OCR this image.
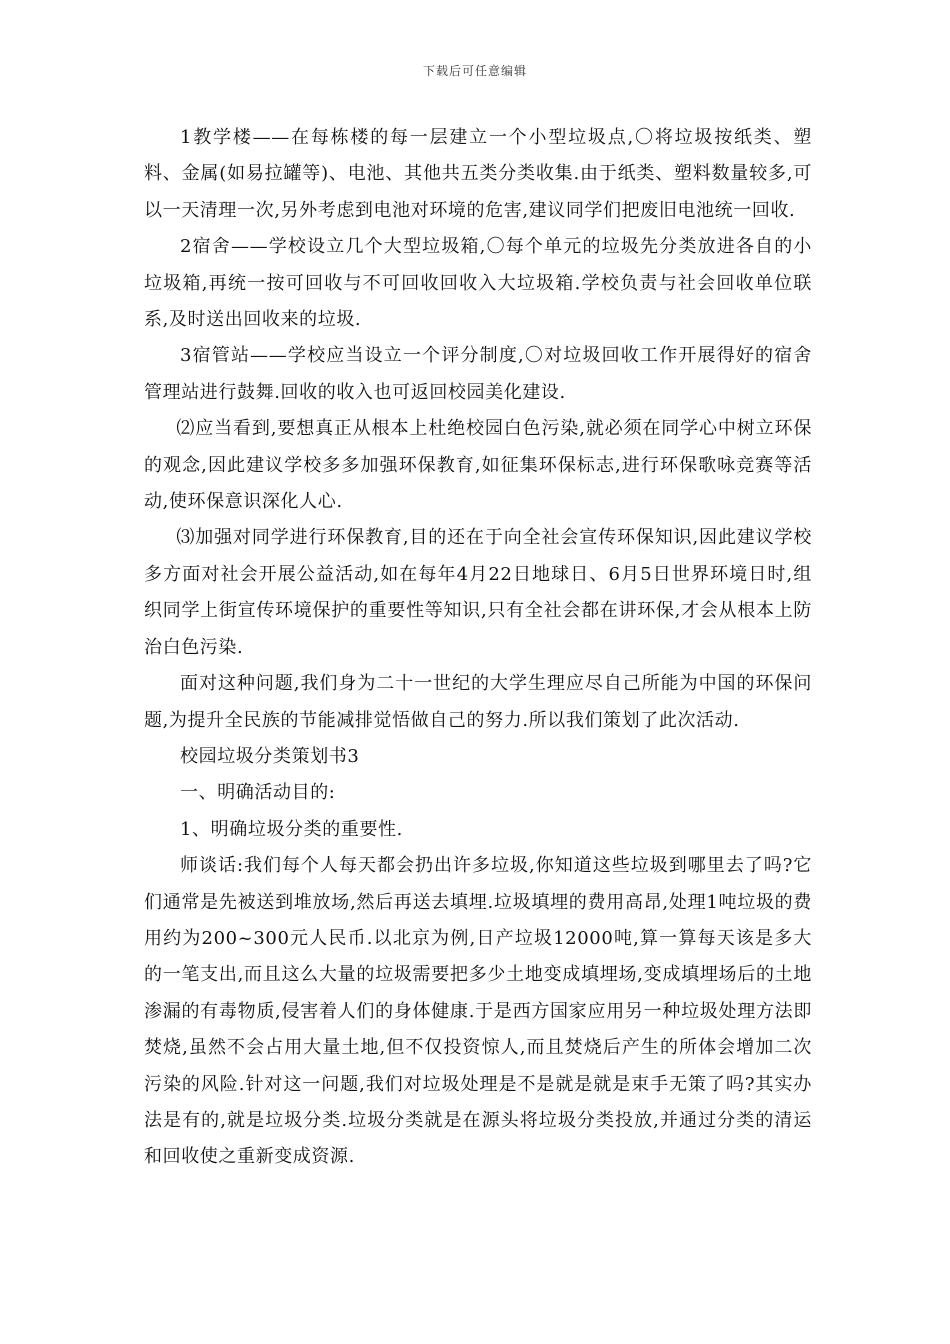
下载后可任意编辑

1教学楼——在每栋楼的每一层建立一个小型垃圾点,〇将垃圾按纸类、塑料、金属(如易拉罐等)、电池、其他共五类分类收集.由于纸类、塑料数量较多,可以一天清理一次,另外考虑到电池对环境的危害,建议同学们把废旧电池统一回收.

2宿舍——学校设立几个大型垃圾箱,〇每个单元的垃圾先分类放进各自的小垃圾箱,再统一按可回收与不可回收回收入大垃圾箱.学校负责与社会回收单位联系,及时送出回收来的垃圾.

3宿管站——学校应当设立一个评分制度,〇对垃圾回收工作开展得好的宿舍管理站进行鼓舞.回收的收入也可返回校园美化建设.

⑵应当看到,要想真正从根本上杜绝校园白色污染,就必须在同学心中树立环保的观念,因此建议学校多多加强环保教育,如征集环保标志,进行环保歌咏竞赛等活动,使环保意识深化人心.

⑶加强对同学进行环保教育,目的还在于向全社会宣传环保知识,因此建议学校多方面对社会开展公益活动,如在每年4月22日地球日、6月5日世界环境日时,组织同学上街宣传环境保护的重要性等知识,只有全社会都在讲环保,才会从根本上防治白色污染.

面对这种问题,我们身为二十一世纪的大学生理应尽自己所能为中国的环保问题,为提升全民族的节能减排觉悟做自己的努力.所以我们策划了此次活动.

校园垃圾分类策划书3

一、明确活动目的:

1、明确垃圾分类的重要性.

师谈话:我们每个人每天都会扔出许多垃圾,你知道这些垃圾到哪里去了吗?它们通常是先被送到堆放场,然后再送去填埋.垃圾填埋的费用高昂,处理1吨垃圾的费用约为200~300元人民币.以北京为例,日产垃圾12000吨,算一算每天该是多大的一笔支出,而且这么大量的垃圾需要把多少土地变成填埋场,变成填埋场后的土地渗漏的有毒物质,侵害着人们的身体健康.于是西方国家应用另一种垃圾处理方法即焚烧,虽然不会占用大量土地,但不仅投资惊人,而且焚烧后产生的所体会增加二次污染的风险.针对这一问题,我们对垃圾处理是不是就是就是束手无策了吗?其实办法是有的,就是垃圾分类.垃圾分类就是在源头将垃圾分类投放,并通过分类的清运和回收使之重新变成资源.
